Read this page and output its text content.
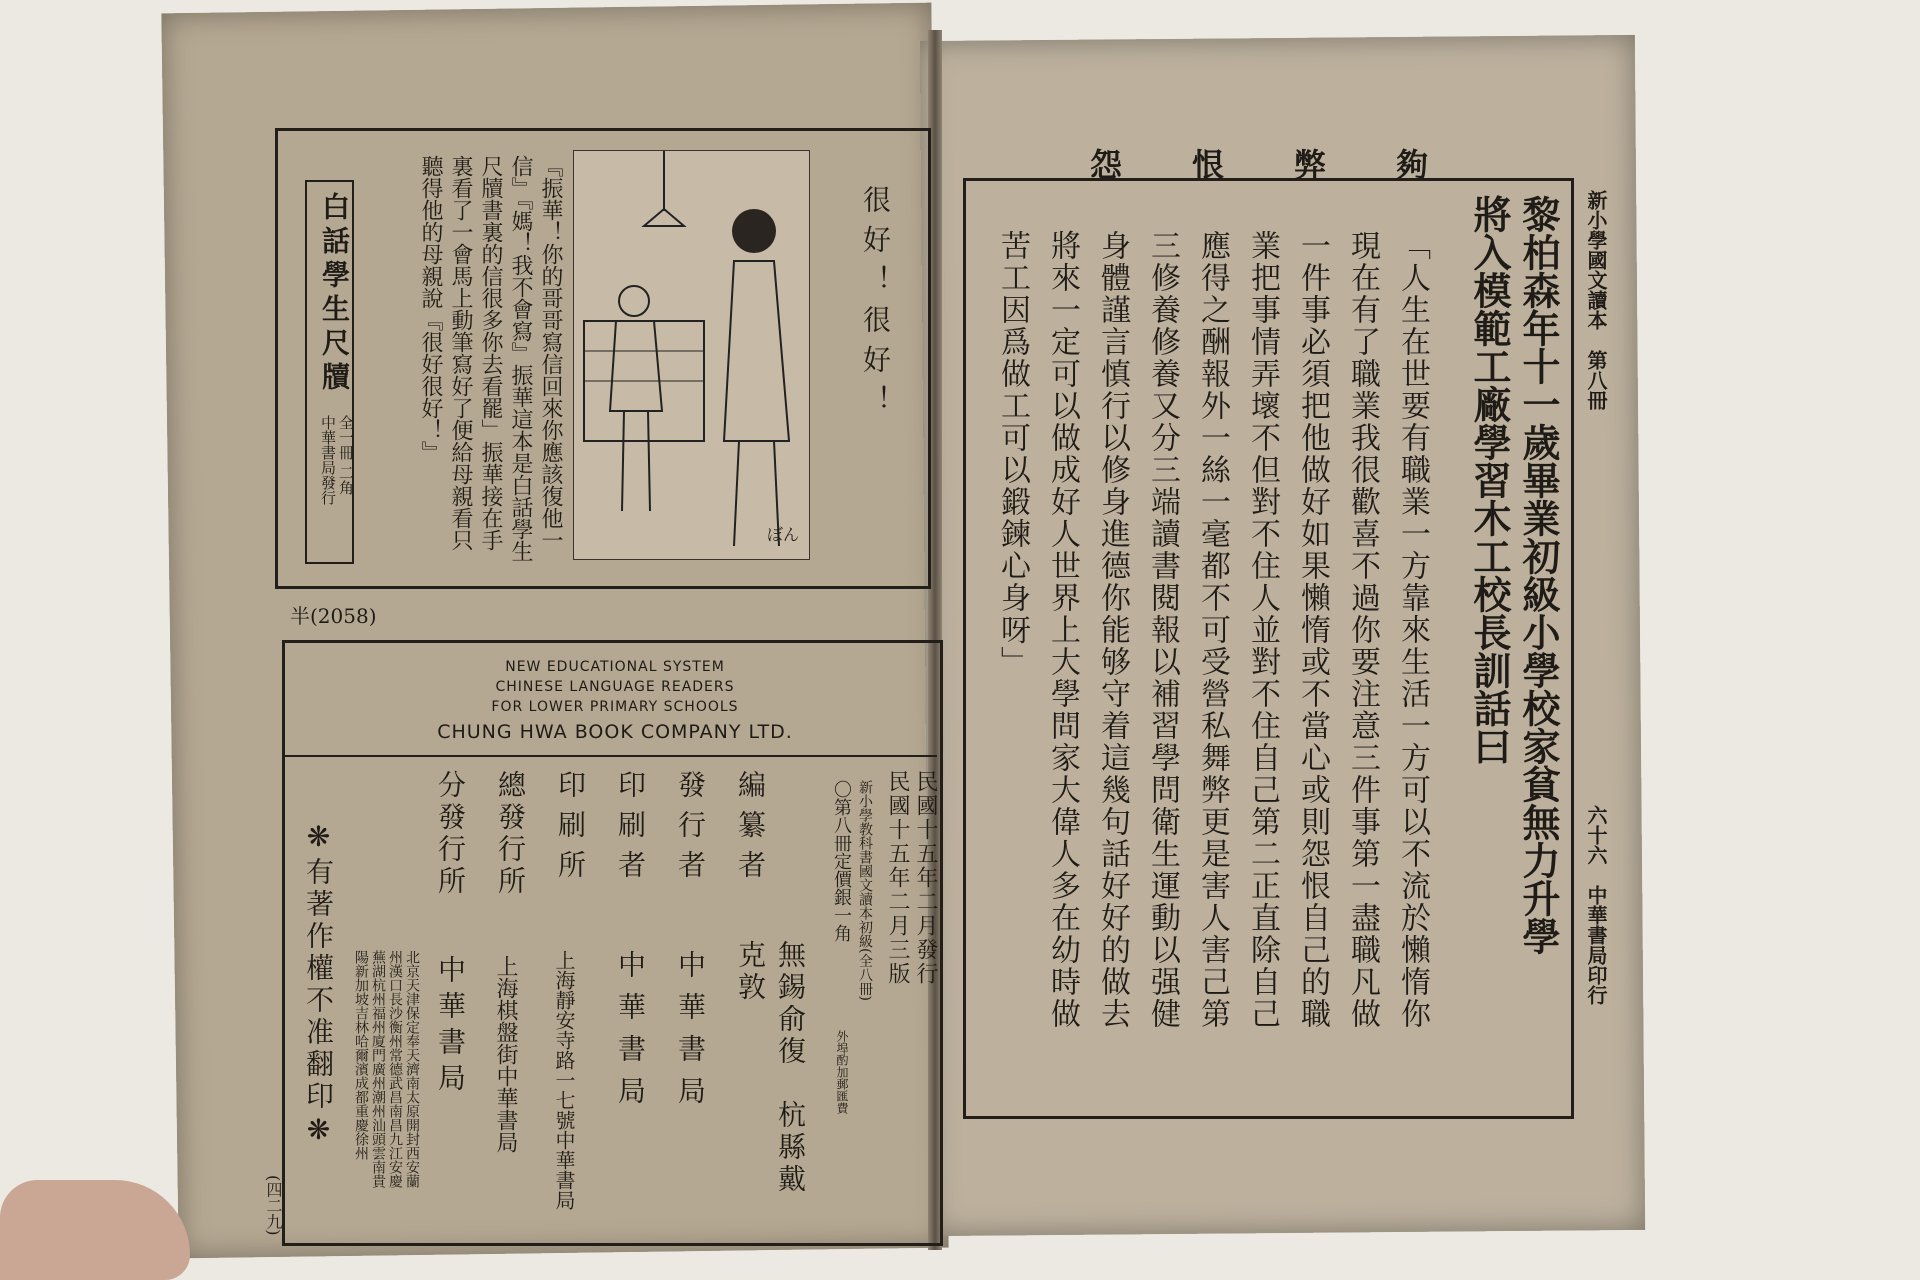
ぼん
很好！很好！
『振華！你的哥哥寫信回來你應該復他一信』『媽！我不會寫』振華這本是白話學生尺牘書裏的信很多你去看罷」振華接在手裏看了一會馬上動筆寫好了便給母親看只聽得他的母親說『很好很好！』
白話學生尺牘
全一冊 二角
中華書局發行
半(2058)
NEW EDUCATIONAL SYSTEM
CHINESE LANGUAGE READERS
FOR LOWER PRIMARY SCHOOLS
CHUNG HWA BOOK COMPANY LTD.
民國十五年二月發行
民國十五年二月三版
新小學教科書國文讀本初級(全八冊)
〇第八冊定價銀一角
外埠酌加郵匯費
編纂者
無錫俞復　杭縣戴克敦
發行者
中華書局
印刷者
中華書局
印刷所
上海靜安寺路一七號中華書局
總發行所
上海棋盤街中華書局
分發行所
中華書局
北京天津保定奉天濟南太原開封西安蘭州漢口長沙衡州常德武昌南昌九江安慶蕪湖杭州福州廈門廣州潮州汕頭雲南貴陽新加坡吉林哈爾濱成都重慶徐州
❋有著作權不准翻印❋
(四二九)
怨恨弊夠
新小學國文讀本　第八冊
六十六　中華書局印行
黎柏森年十一歲畢業初級小學校家貧無力升學
將入模範工廠學習木工校長訓話曰
「人生在世要有職業一方靠來生活一方可以不流於懶惰你
現在有了職業我很歡喜不過你要注意三件事第一盡職凡做
一件事必須把他做好如果懶惰或不當心或則怨恨自己的職
業把事情弄壞不但對不住人並對不住自己第二正直除自己
應得之酬報外一絲一毫都不可受營私舞弊更是害人害己第
三修養修養又分三端讀書閱報以補習學問衛生運動以强健
身體謹言慎行以修身進德你能够守着這幾句話好好的做去
將來一定可以做成好人世界上大學問家大偉人多在幼時做
苦工因爲做工可以鍛鍊心身呀」
